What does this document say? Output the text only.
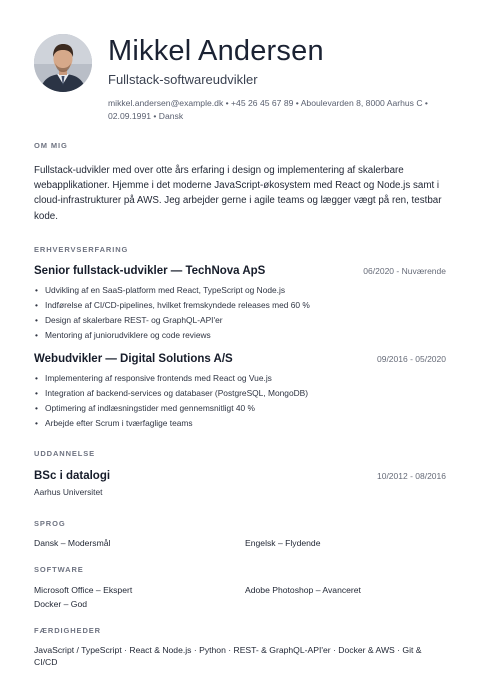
Mikkel Andersen
Fullstack-softwareudvikler
mikkel.andersen@example.dk • +45 26 45 67 89 • Aboulevarden 8, 8000 Aarhus C • 02.09.1991 • Dansk
OM MIG
Fullstack-udvikler med over otte års erfaring i design og implementering af skalerbare webapplikationer. Hjemme i det moderne JavaScript-økosystem med React og Node.js samt i cloud-infrastrukturer på AWS. Jeg arbejder gerne i agile teams og lægger vægt på ren, testbar kode.
ERHVERVSERFARING
Senior fullstack-udvikler — TechNova ApS	06/2020 - Nuværende
• Udvikling af en SaaS-platform med React, TypeScript og Node.js
• Indførelse af CI/CD-pipelines, hvilket fremskyndede releases med 60 %
• Design af skalerbare REST- og GraphQL-API'er
• Mentoring af juniorudviklere og code reviews
Webudvikler — Digital Solutions A/S	09/2016 - 05/2020
• Implementering af responsive frontends med React og Vue.js
• Integration af backend-services og databaser (PostgreSQL, MongoDB)
• Optimering af indlæsningstider med gennemsnitligt 40 %
• Arbejde efter Scrum i tværfaglige teams
UDDANNELSE
BSc i datalogi	10/2012 - 08/2016
Aarhus Universitet
SPROG
Dansk – Modersmål	Engelsk – Flydende
SOFTWARE
Microsoft Office – Ekspert	Adobe Photoshop – Avanceret
Docker – God
FÆRDIGHEDER
JavaScript / TypeScript · React & Node.js · Python · REST- & GraphQL-API'er · Docker & AWS · Git & CI/CD
